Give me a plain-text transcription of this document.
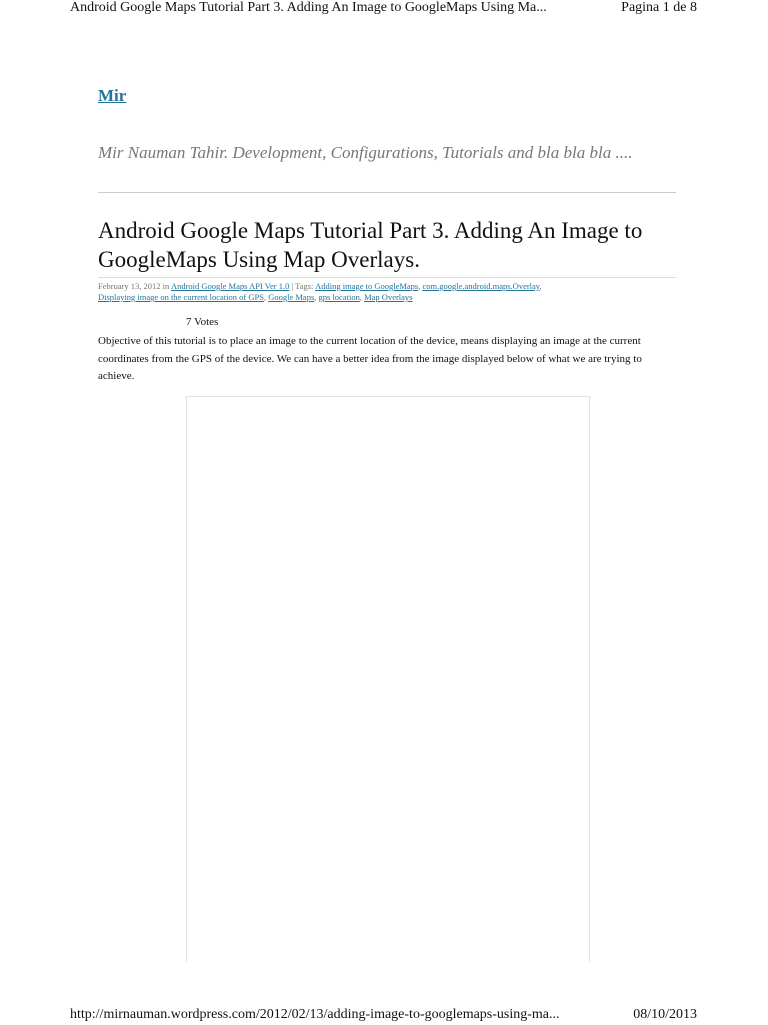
Android Google Maps Tutorial Part 3. Adding An Image to GoogleMaps Using Ma...	Pagina 1 de 8
Mir
Mir Nauman Tahir. Development, Configurations, Tutorials and bla bla bla ....
Android Google Maps Tutorial Part 3. Adding An Image to GoogleMaps Using Map Overlays.
February 13, 2012 in Android Google Maps API Ver 1.0 | Tags: Adding image to GoogleMaps, com.google.android.maps.Overlay,
Displaying image on the current location of GPS, Google Maps, gps location, Map Overlays
7 Votes
Objective of this tutorial is to place an image to the current location of the device, means displaying an image at the current coordinates from the GPS of the device. We can have a better idea from the image displayed below of what we are trying to achieve.
http://mirnauman.wordpress.com/2012/02/13/adding-image-to-googlemaps-using-ma...	08/10/2013
